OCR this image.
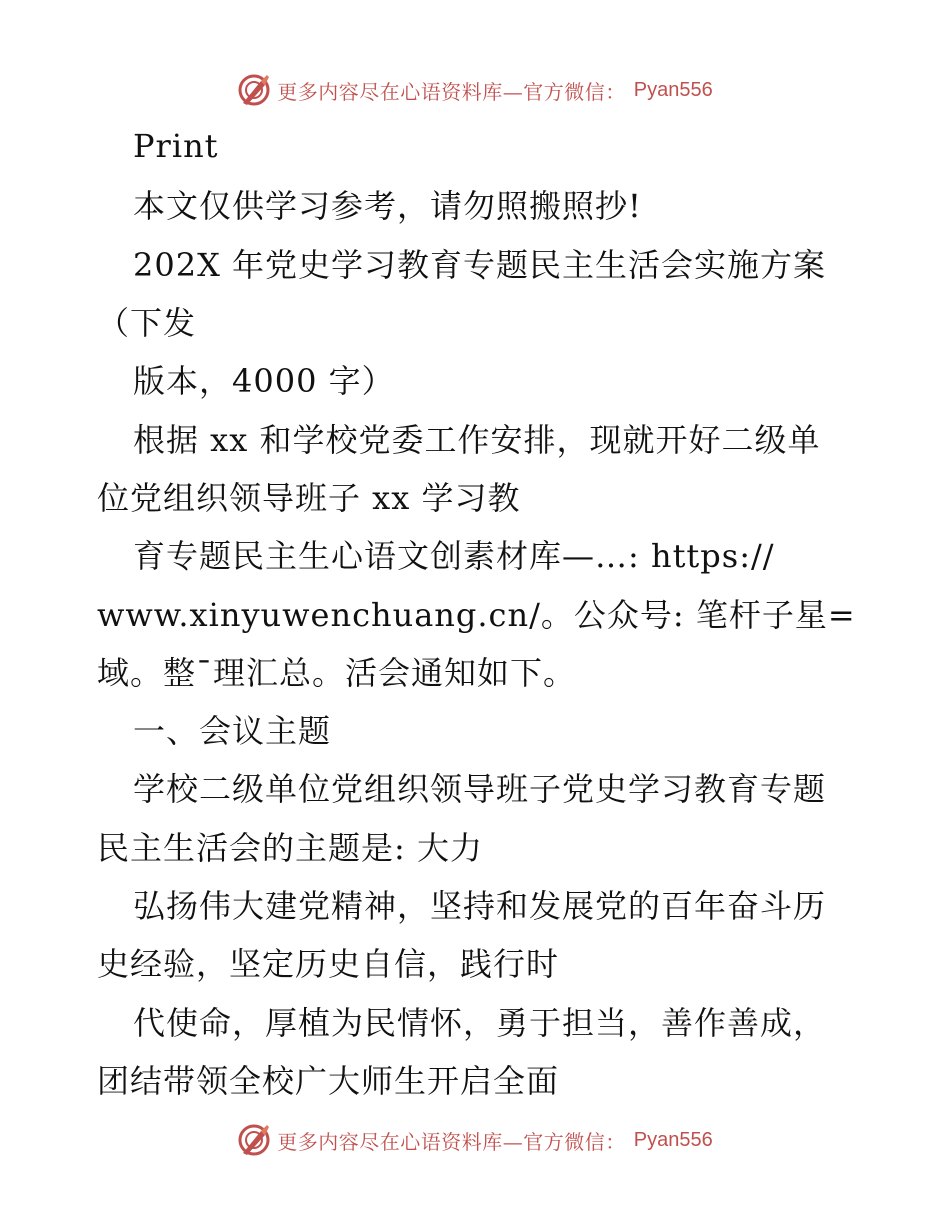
更多内容尽在心语资料库—官方微信： Pyan556
Print
本文仅供学习参考，请勿照搬照抄!
202X 年党史学习教育专题民主生活会实施方案
（下发
版本，4000 字）
根据 xx 和学校党委工作安排，现就开好二级单
位党组织领导班子 xx 学习教
育专题民主生心语文创素材库—…: https://
www.xinyuwenchuang.cn/。公众号: 笔杆子星=
域。整¯理汇总。活会通知如下。
一、会议主题
学校二级单位党组织领导班子党史学习教育专题
民主生活会的主题是: 大力
弘扬伟大建党精神，坚持和发展党的百年奋斗历
史经验，坚定历史自信，践行时
代使命，厚植为民情怀，勇于担当，善作善成，
团结带领全校广大师生开启全面
更多内容尽在心语资料库—官方微信： Pyan556
